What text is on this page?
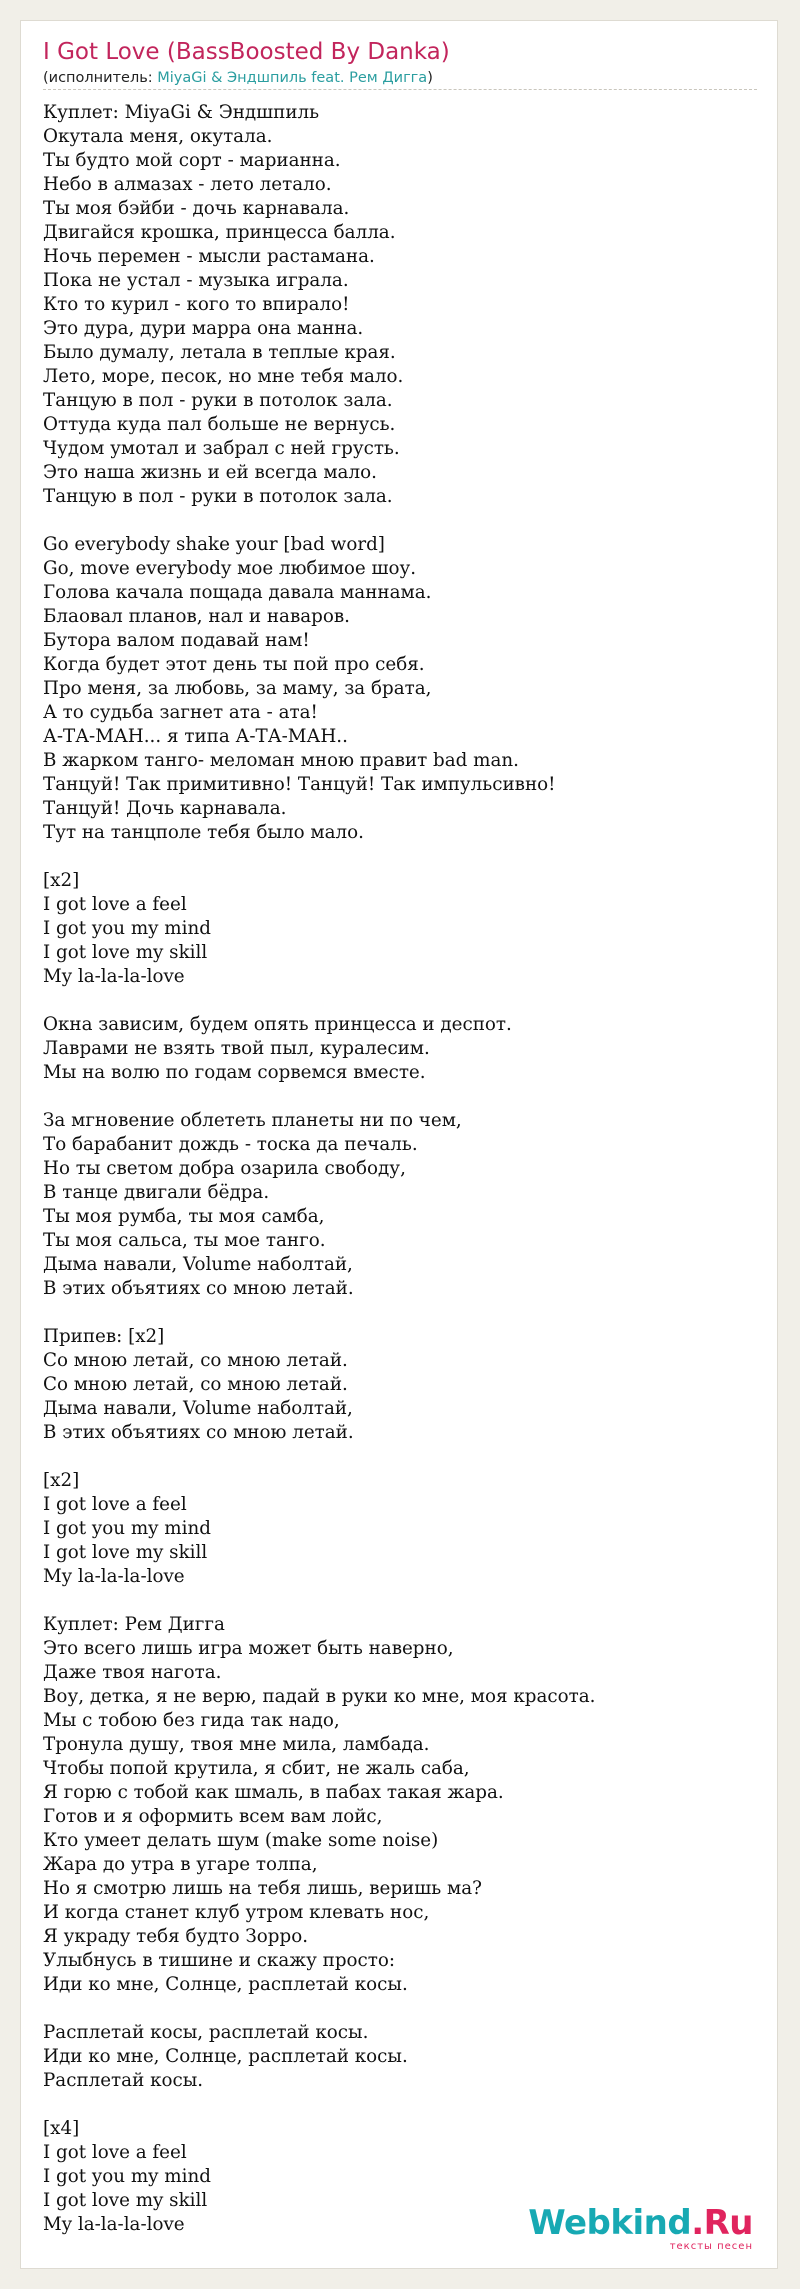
I Got Love (BassBoosted By Danka)
(исполнитель: MiyaGi & Эндшпиль feat. Рем Дигга)
Куплет: MiyaGi & Эндшпиль
Окутала меня, окутала.
Ты будто мой сорт - марианна.
Небо в алмазах - лето летало.
Ты моя бэйби - дочь карнавала.
Двигайся крошка, принцесса балла.
Ночь перемен - мысли растамана.
Пока не устал - музыка играла.
Кто то курил - кого то впирало!
Это дура, дури марра она манна.
Было думалу, летала в теплые края.
Лето, море, песок, но мне тебя мало.
Танцую в пол - руки в потолок зала.
Оттуда куда пал больше не вернусь.
Чудом умотал и забрал с ней грусть.
Это наша жизнь и ей всегда мало.
Танцую в пол - руки в потолок зала.
Go everybody shake your [bad word]
Go, move everybody мое любимое шоу.
Голова качала пощада давала маннама.
Блаовал планов, нал и наваров.
Бутора валом подавай нам!
Когда будет этот день ты пой про себя.
Про меня, за любовь, за маму, за брата,
А то судьба загнет ата - ата!
А-ТА-МАН... я типа А-ТА-МАН..
В жарком танго- меломан мною правит bad man.
Танцуй! Так примитивно! Танцуй! Так импульсивно!
Танцуй! Дочь карнавала.
Тут на танцполе тебя было мало.
[x2]
I got love a feel
I got you my mind
I got love my skill
My la-la-la-love
Окна зависим, будем опять принцесса и деспот.
Лаврами не взять твой пыл, куралесим.
Мы на волю по годам сорвемся вместе.
За мгновение облететь планеты ни по чем,
То барабанит дождь - тоска да печаль.
Но ты светом добра озарила свободу,
В танце двигали бёдра.
Ты моя румба, ты моя самба,
Ты моя сальса, ты мое танго.
Дыма навали, Volume наболтай,
В этих объятиях со мною летай.
Припев: [x2]
Со мною летай, со мною летай.
Со мною летай, со мною летай.
Дыма навали, Volume наболтай,
В этих объятиях со мною летай.
[x2]
I got love a feel
I got you my mind
I got love my skill
My la-la-la-love
Куплет: Рем Дигга
Это всего лишь игра может быть наверно,
Даже твоя нагота.
Воу, детка, я не верю, падай в руки ко мне, моя красота.
Мы с тобою без гида так надо,
Тронула душу, твоя мне мила, ламбада.
Чтобы попой крутила, я сбит, не жаль саба,
Я горю с тобой как шмаль, в пабах такая жара.
Готов и я оформить всем вам лойс,
Кто умеет делать шум (make some noise)
Жара до утра в угаре толпа,
Но я смотрю лишь на тебя лишь, веришь ма?
И когда станет клуб утром клевать нос,
Я украду тебя будто Зорро.
Улыбнусь в тишине и скажу просто:
Иди ко мне, Солнце, расплетай косы.
Расплетай косы, расплетай косы.
Иди ко мне, Солнце, расплетай косы.
Расплетай косы.
[x4]
I got love a feel
I got you my mind
I got love my skill
My la-la-la-love	Webkind.Ru
тексты песен
